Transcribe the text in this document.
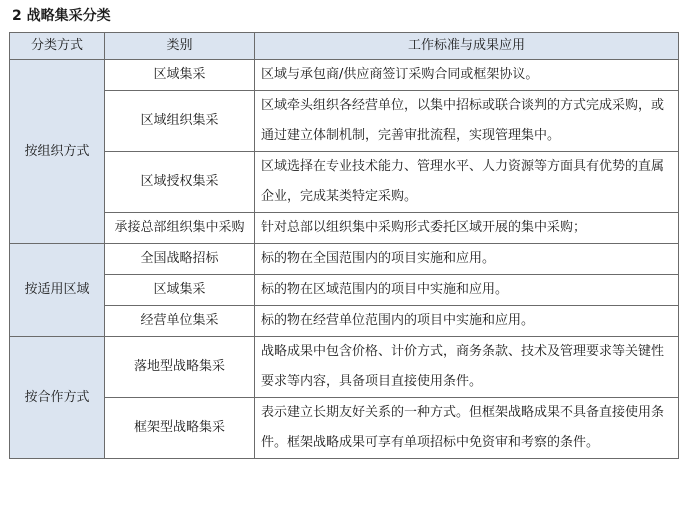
2 战略集采分类
分类方式	类别	工作标准与成果应用
按组织方式	区域集采	区域与承包商/供应商签订采购合同或框架协议。
	区域组织集采	区域牵头组织各经营单位，以集中招标或联合谈判的方式完成采购，或通过建立体制机制，完善审批流程，实现管理集中。
	区域授权集采	区域选择在专业技术能力、管理水平、人力资源等方面具有优势的直属企业，完成某类特定采购。
	承接总部组织集中采购	针对总部以组织集中采购形式委托区域开展的集中采购；
按适用区域	全国战略招标	标的物在全国范围内的项目实施和应用。
	区域集采	标的物在区域范围内的项目中实施和应用。
	经营单位集采	标的物在经营单位范围内的项目中实施和应用。
按合作方式	落地型战略集采	战略成果中包含价格、计价方式，商务条款、技术及管理要求等关键性要求等内容，具备项目直接使用条件。
	框架型战略集采	表示建立长期友好关系的一种方式。但框架战略成果不具备直接使用条件。框架战略成果可享有单项招标中免资审和考察的条件。
